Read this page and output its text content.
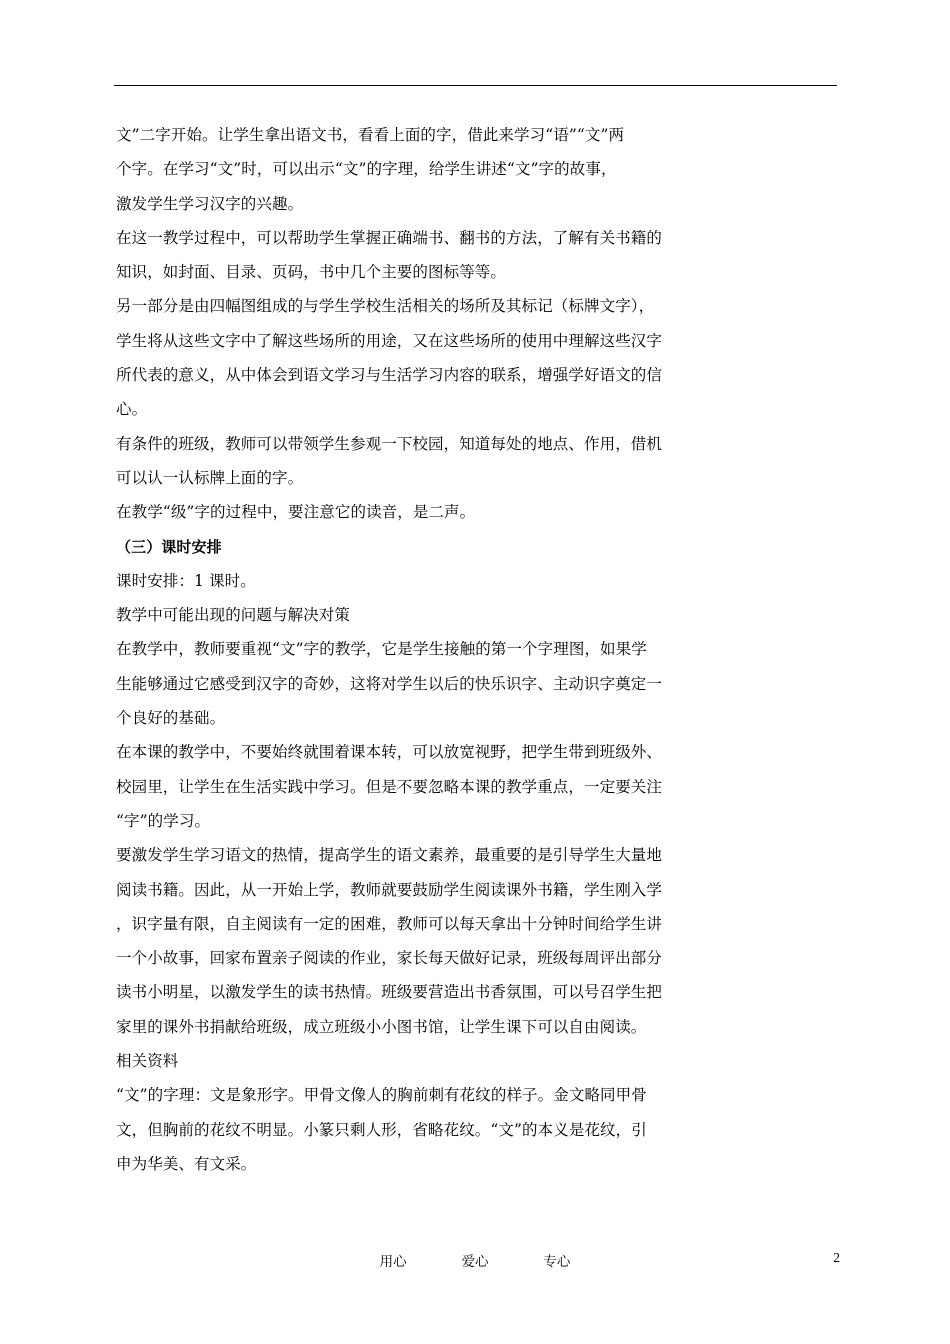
文”二字开始。让学生拿出语文书，看看上面的字，借此来学习“语”“文”两
个字。在学习“文”时，可以出示“文”的字理，给学生讲述“文”字的故事，
激发学生学习汉字的兴趣。
在这一教学过程中，可以帮助学生掌握正确端书、翻书的方法，了解有关书籍的
知识，如封面、目录、页码，书中几个主要的图标等等。
另一部分是由四幅图组成的与学生学校生活相关的场所及其标记（标牌文字），
学生将从这些文字中了解这些场所的用途，又在这些场所的使用中理解这些汉字
所代表的意义，从中体会到语文学习与生活学习内容的联系，增强学好语文的信
心。
有条件的班级，教师可以带领学生参观一下校园，知道每处的地点、作用，借机
可以认一认标牌上面的字。
在教学“级”字的过程中，要注意它的读音，是二声。
（三）课时安排
课时安排：1 课时。
教学中可能出现的问题与解决对策
在教学中，教师要重视“文”字的教学，它是学生接触的第一个字理图，如果学
生能够通过它感受到汉字的奇妙，这将对学生以后的快乐识字、主动识字奠定一
个良好的基础。
在本课的教学中，不要始终就围着课本转，可以放宽视野，把学生带到班级外、
校园里，让学生在生活实践中学习。但是不要忽略本课的教学重点，一定要关注
“字”的学习。
要激发学生学习语文的热情，提高学生的语文素养，最重要的是引导学生大量地
阅读书籍。因此，从一开始上学，教师就要鼓励学生阅读课外书籍，学生刚入学
，识字量有限，自主阅读有一定的困难，教师可以每天拿出十分钟时间给学生讲
一个小故事，回家布置亲子阅读的作业，家长每天做好记录，班级每周评出部分
读书小明星，以激发学生的读书热情。班级要营造出书香氛围，可以号召学生把
家里的课外书捐献给班级，成立班级小小图书馆，让学生课下可以自由阅读。
相关资料
“文”的字理：文是象形字。甲骨文像人的胸前刺有花纹的样子。金文略同甲骨
文，但胸前的花纹不明显。小篆只剩人形，省略花纹。“文”的本义是花纹，引
申为华美、有文采。
用心   爱心   专心	2
